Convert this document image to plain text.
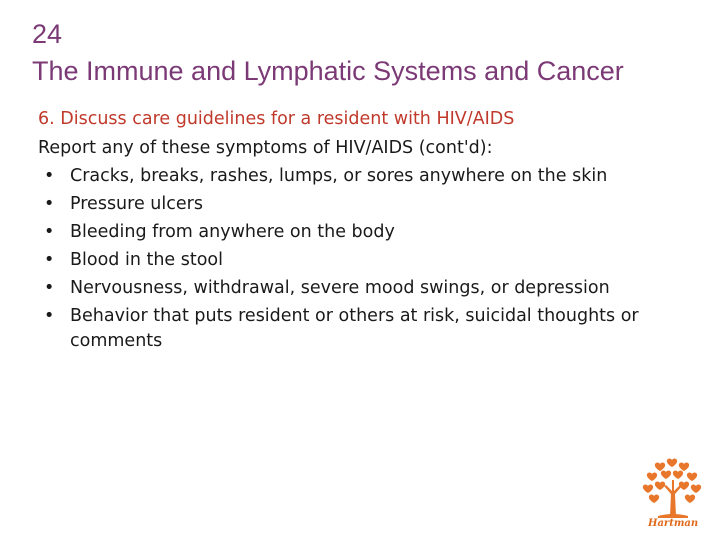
24
The Immune and Lymphatic Systems and Cancer
6. Discuss care guidelines for a resident with HIV/AIDS
Report any of these symptoms of HIV/AIDS (cont'd):
• Cracks, breaks, rashes, lumps, or sores anywhere on the skin
• Pressure ulcers
• Bleeding from anywhere on the body
• Blood in the stool
• Nervousness, withdrawal, severe mood swings, or depression
• Behavior that puts resident or others at risk, suicidal thoughts or comments
Hartman
